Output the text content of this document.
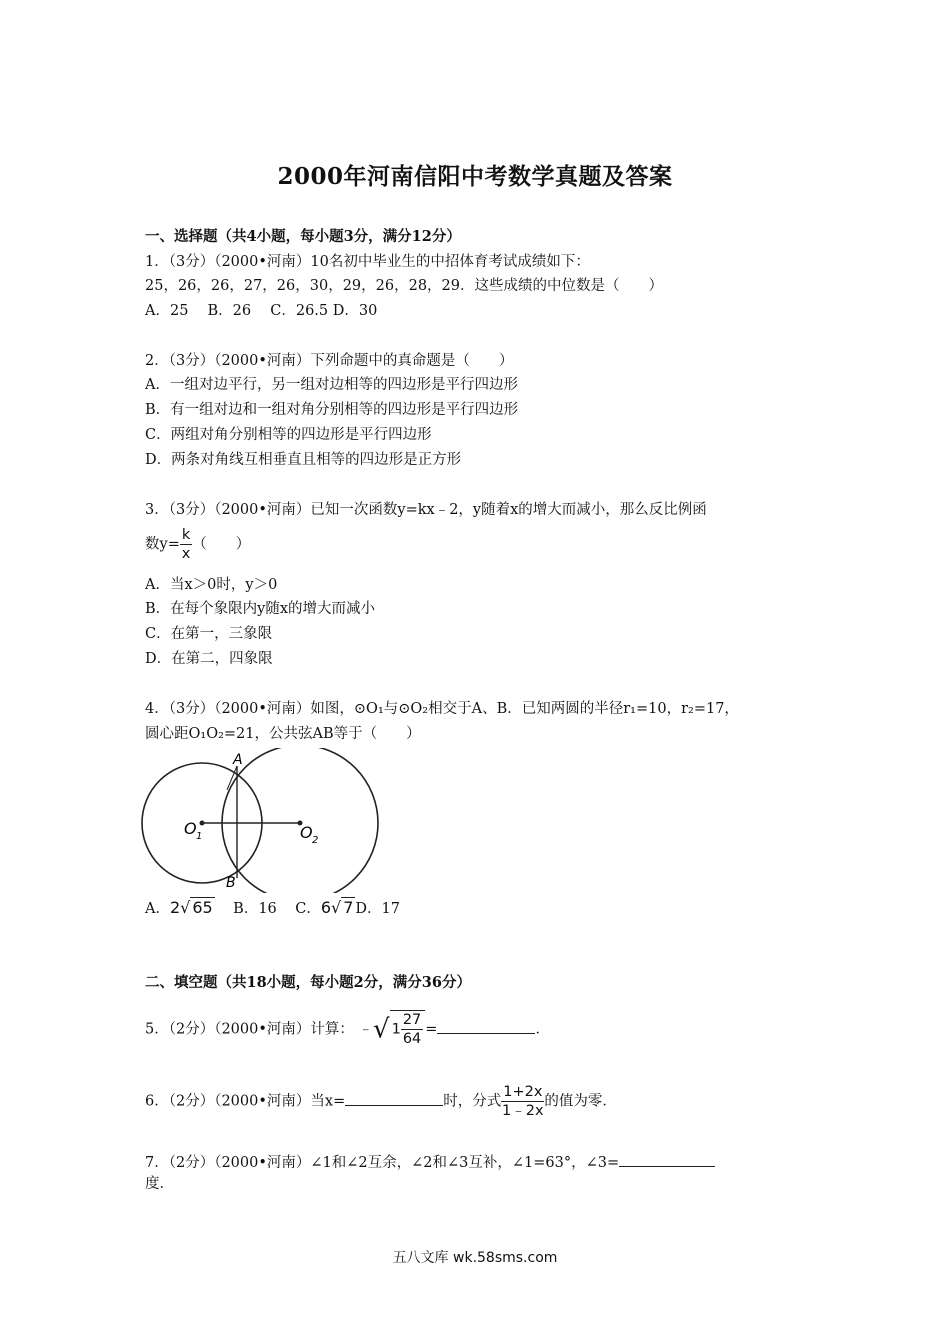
2000年河南信阳中考数学真题及答案
一、选择题（共4小题，每小题3分，满分12分）
1．（3分）（2000•河南）10名初中毕业生的中招体育考试成绩如下：
25，26，26，27，26，30，29，26，28，29．这些成绩的中位数是（　　）
A．25　 B．26　 C．26.5 D．30
2．（3分）（2000•河南）下列命题中的真命题是（　　）
A．一组对边平行，另一组对边相等的四边形是平行四边形
B．有一组对边和一组对角分别相等的四边形是平行四边形
C．两组对角分别相等的四边形是平行四边形
D．两条对角线互相垂直且相等的四边形是正方形
3．（3分）（2000•河南）已知一次函数y=kx﹣2，y随着x的增大而减小，那么反比例函
数$y= \frac{k}{x}$ （　　）
A．当x＞0时，y＞0
B．在每个象限内y随x的增大而减小
C．在第一，三象限
D．在第二，四象限
4．（3分）（2000•河南）如图，⊙O₁与⊙O₂相交于A、B．已知两圆的半径r₁=10，r₂=17，
圆心距O₁O₂=21，公共弦AB等于（　　）
A
B
O 1	O 2
A．2√ 65 B．16 C．6√ 7 D．17
二、填空题（共18小题，每小题2分，满分36分）
5．（2分）（2000•河南）计算： ﹣√ $1 \frac{27}{64}$ =	．
6．（2分）（2000•河南）当x=	时，分式 $\frac{1+2x}{1﹣2x}$ 的值为零．
7．（2分）（2000•河南）∠1和∠2互余，∠2和∠3互补，∠1=63°，∠3=
度．
五八文库 wk.58sms.com
